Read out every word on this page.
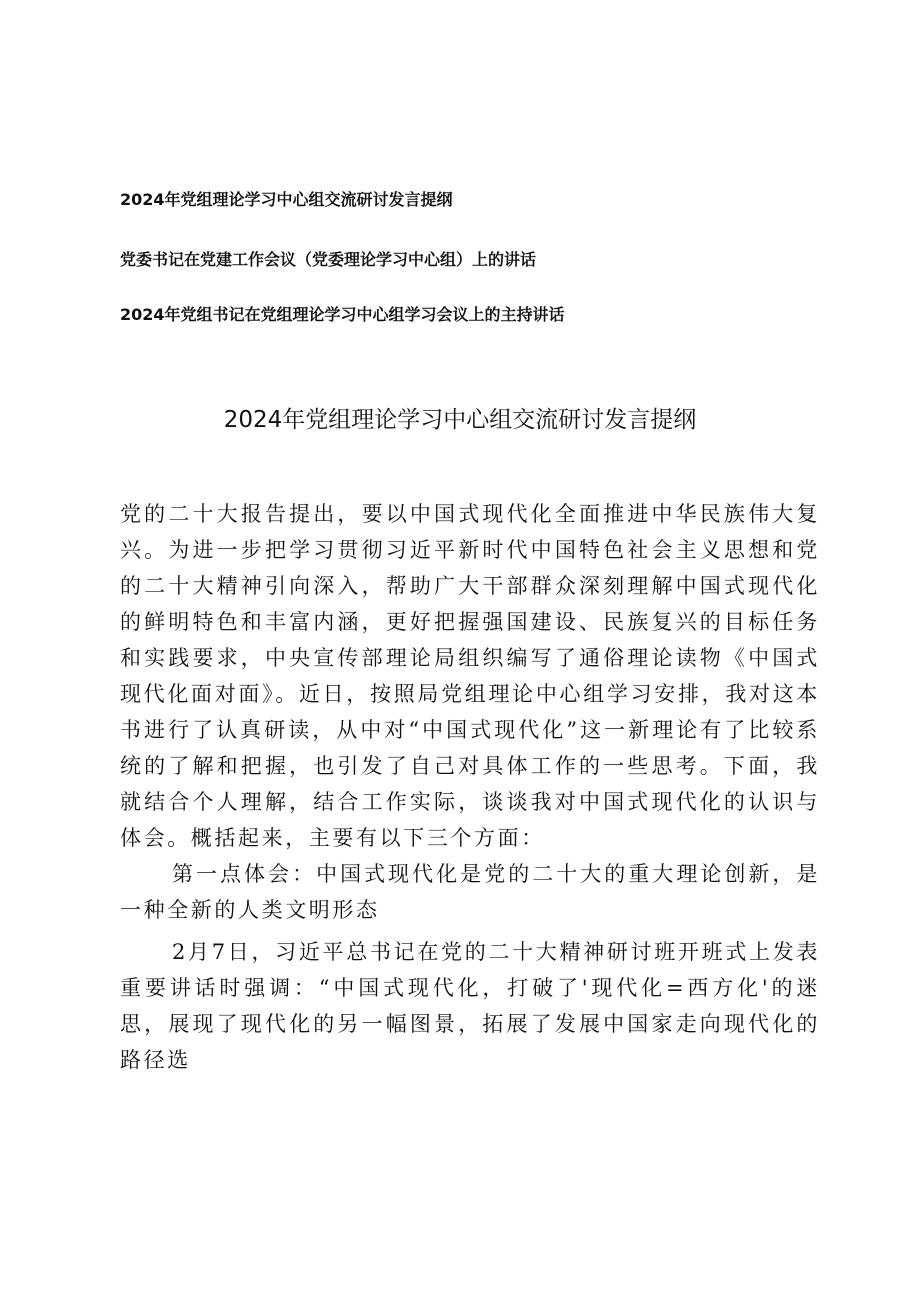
2024年党组理论学习中心组交流研讨发言提纲
党委书记在党建工作会议（党委理论学习中心组）上的讲话
2024年党组书记在党组理论学习中心组学习会议上的主持讲话
2024年党组理论学习中心组交流研讨发言提纲

党的二十大报告提出，要以中国式现代化全面推进中华民族伟大复兴。为进一步把学习贯彻习近平新时代中国特色社会主义思想和党的二十大精神引向深入，帮助广大干部群众深刻理解中国式现代化的鲜明特色和丰富内涵，更好把握强国建设、民族复兴的目标任务和实践要求，中央宣传部理论局组织编写了通俗理论读物《中国式现代化面对面》。近日，按照局党组理论中心组学习安排，我对这本书进行了认真研读，从中对“中国式现代化”这一新理论有了比较系统的了解和把握，也引发了自己对具体工作的一些思考。下面，我就结合个人理解，结合工作实际，谈谈我对中国式现代化的认识与体会。概括起来，主要有以下三个方面：

第一点体会：中国式现代化是党的二十大的重大理论创新，是一种全新的人类文明形态

2月7日，习近平总书记在党的二十大精神研讨班开班式上发表重要讲话时强调：“中国式现代化，打破了'现代化=西方化'的迷思，展现了现代化的另一幅图景，拓展了发展中国家走向现代化的路径选
